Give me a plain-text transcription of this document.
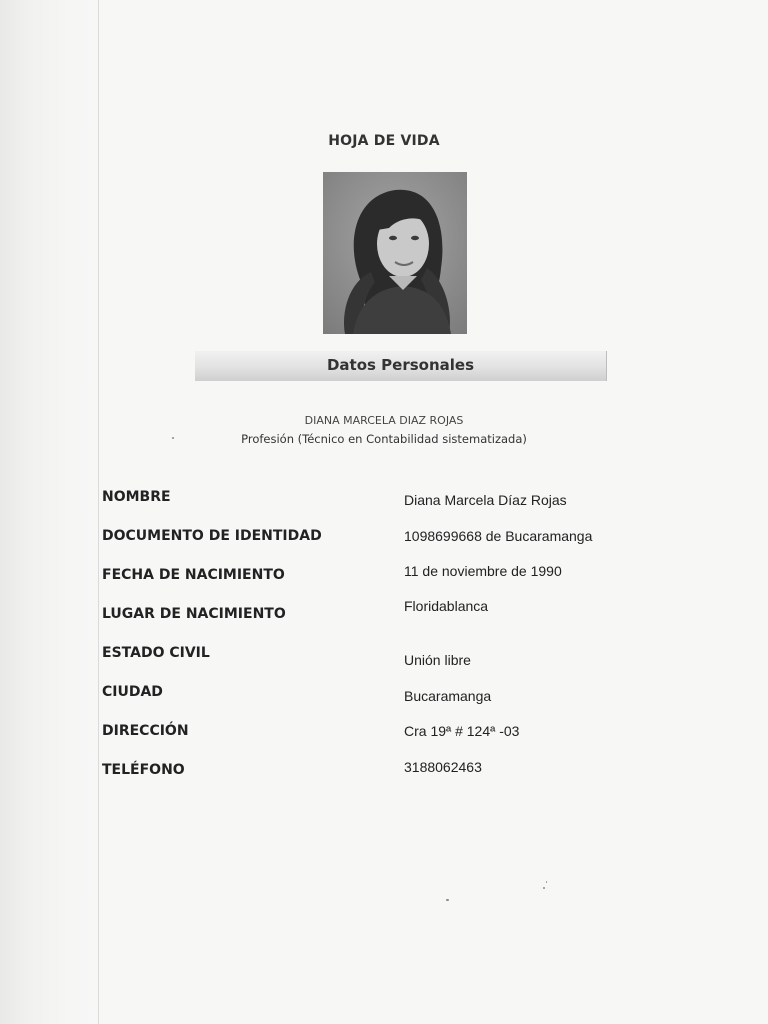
HOJA DE VIDA
Datos Personales
DIANA MARCELA DIAZ ROJAS
Profesión (Técnico en Contabilidad sistematizada)
NOMBRE	Diana Marcela Díaz Rojas
DOCUMENTO DE IDENTIDAD	1098699668 de Bucaramanga
FECHA DE NACIMIENTO	11 de noviembre de 1990
LUGAR DE NACIMIENTO	Floridablanca
ESTADO CIVIL	Unión libre
CIUDAD	Bucaramanga
DIRECCIÓN	Cra 19ª # 124ª -03
TELÉFONO	3188062463
